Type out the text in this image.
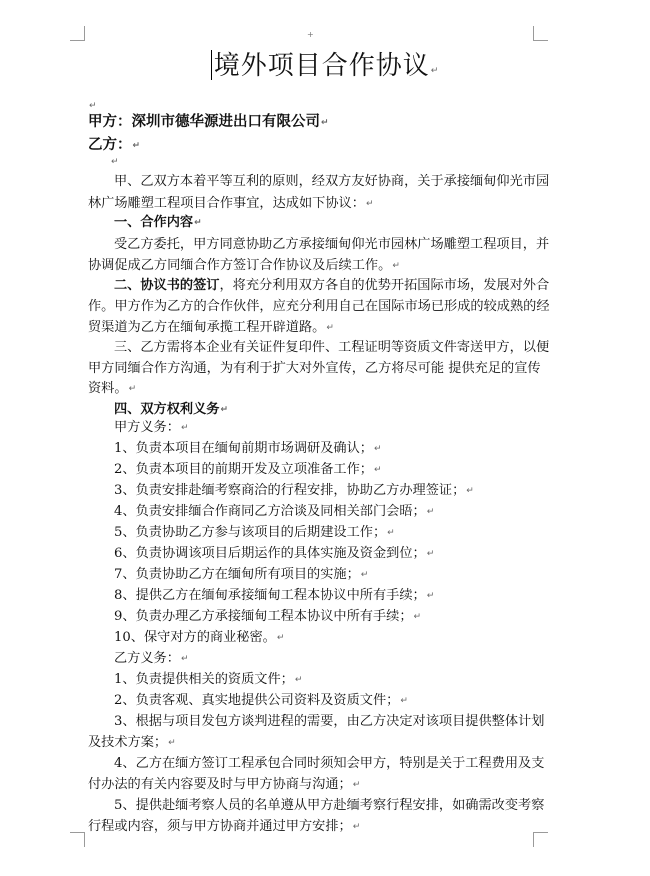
+
境外项目合作协议↵
↵
甲方：深圳市德华源进出口有限公司↵
乙方：↵
↵
甲、乙双方本着平等互利的原则，经双方友好协商，关于承接缅甸仰光市园
林广场雕塑工程项目合作事宜，达成如下协议：↵
一、合作内容↵
受乙方委托，甲方同意协助乙方承接缅甸仰光市园林广场雕塑工程项目，并
协调促成乙方同缅合作方签订合作协议及后续工作。↵
二、协议书的签订，将充分利用双方各自的优势开拓国际市场，发展对外合
作。甲方作为乙方的合作伙伴，应充分利用自己在国际市场已形成的较成熟的经
贸渠道为乙方在缅甸承揽工程开辟道路。↵
三、乙方需将本企业有关证件复印件、工程证明等资质文件寄送甲方，以便
甲方同缅合作方沟通，为有利于扩大对外宣传，乙方将尽可能 提供充足的宣传
资料。↵
四、双方权利义务↵
甲方义务：↵
1、负责本项目在缅甸前期市场调研及确认；↵
2、负责本项目的前期开发及立项准备工作；↵
3、负责安排赴缅考察商洽的行程安排，协助乙方办理签证；↵
4、负责安排缅合作商同乙方洽谈及同相关部门会晤；↵
5、负责协助乙方参与该项目的后期建设工作；↵
6、负责协调该项目后期运作的具体实施及资金到位；↵
7、负责协助乙方在缅甸所有项目的实施；↵
8、提供乙方在缅甸承接缅甸工程本协议中所有手续；↵
9、负责办理乙方承接缅甸工程本协议中所有手续；↵
10、保守对方的商业秘密。↵
乙方义务：↵
1、负责提供相关的资质文件；↵
2、负责客观、真实地提供公司资料及资质文件；↵
3、根据与项目发包方谈判进程的需要，由乙方决定对该项目提供整体计划
及技术方案；↵
4、乙方在缅方签订工程承包合同时须知会甲方，特别是关于工程费用及支
付办法的有关内容要及时与甲方协商与沟通；↵
5、提供赴缅考察人员的名单遵从甲方赴缅考察行程安排，如确需改变考察
行程或内容，须与甲方协商并通过甲方安排；↵
